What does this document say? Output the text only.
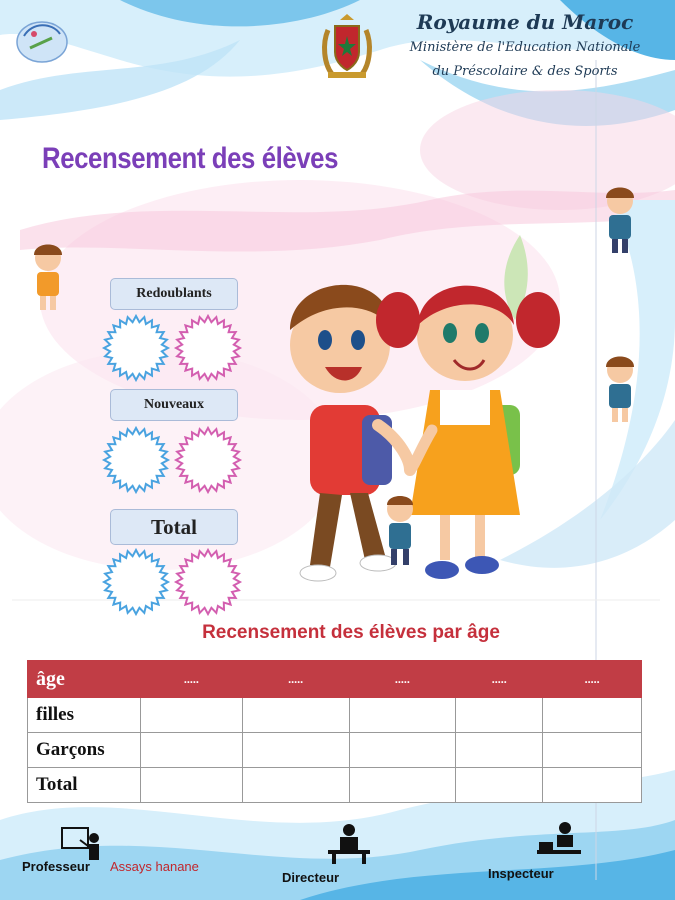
Royaume du Maroc
Ministère de l'Education Nationale
du Préscolaire & des Sports
Recensement des élèves
Redoublants
Nouveaux
Total
Recensement des élèves par âge
âge	.....	.....	.....	.....	.....
filles					
Garçons					
Total					
Professeur Assays hanane
Directeur	Inspecteur
